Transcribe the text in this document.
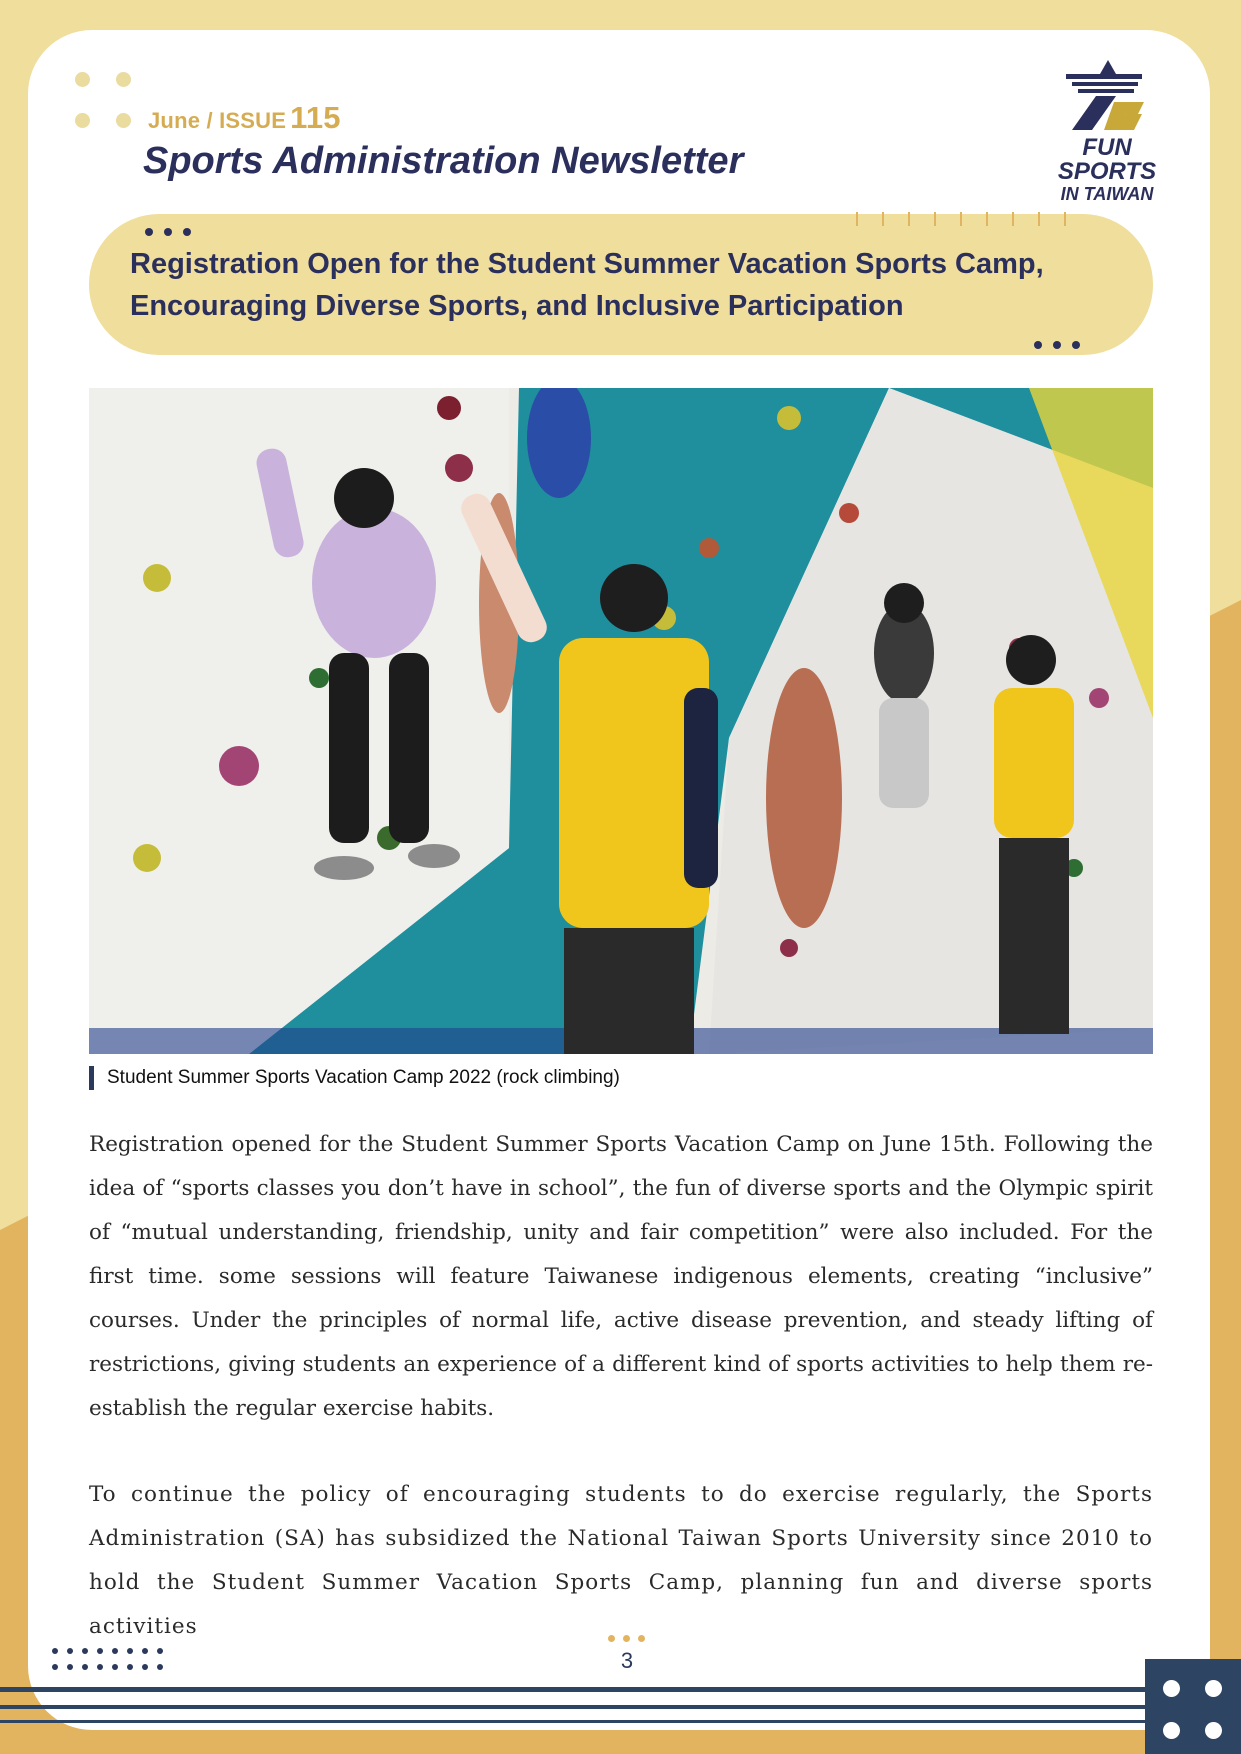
June / ISSUE 115
Sports Administration Newsletter	FUN SPORTS
IN TAIWAN
Registration Open for the Student Summer Vacation Sports Camp,
Encouraging Diverse Sports, and Inclusive Participation
Student Summer Sports Vacation Camp 2022 (rock climbing)

Registration opened for the Student Summer Sports Vacation Camp on June 15th. Following the idea of “sports classes you don’t have in school”, the fun of diverse sports and the Olympic spirit of “mutual understanding, friendship, unity and fair competition” were also included. For the first time. some sessions will feature Taiwanese indigenous elements, creating “inclusive” courses. Under the principles of normal life, active disease prevention, and steady lifting of restrictions, giving students an experience of a different kind of sports activities to help them re-establish the regular exercise habits.

To continue the policy of encouraging students to do exercise regularly, the Sports Administration (SA) has subsidized the National Taiwan Sports University since 2010 to hold the Student Summer Vacation Sports Camp, planning fun and diverse sports activities

3
